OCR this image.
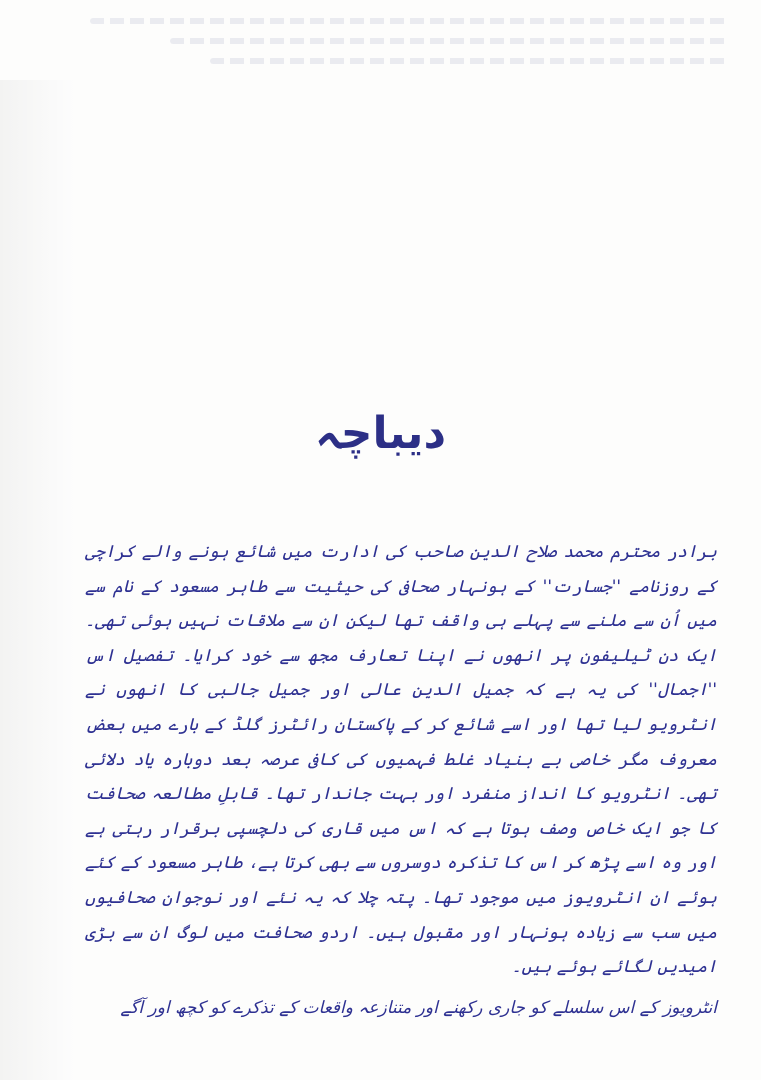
دیباچہ

برادر محترم محمد صلاح الدین صاحب کی ادارت میں شائع ہونے والے کراچی کے روزنامے ''جسارت'' کے ہونہار صحافی کی حیثیت سے طاہر مسعود کے نام سے میں اُن سے ملنے سے پہلے ہی واقف تھا لیکن ان سے ملاقات نہیں ہوئی تھی۔ ایک دن ٹیلیفون پر انھوں نے اپنا تعارف مجھ سے خود کرایا۔ تفصیل اس ''اجمال'' کی یہ ہے کہ جمیل الدین عالی اور جمیل جالبی کا انھوں نے انٹرویو لیا تھا اور اسے شائع کر کے پاکستان رائٹرز گلڈ کے بارے میں بعض معروف مگر خاصی بے بنیاد غلط فہمیوں کی کافی عرصہ بعد دوبارہ یاد دلائی تھی۔ انٹرویو کا انداز منفرد اور بہت جاندار تھا۔ قابلِ مطالعہ صحافت کا جو ایک خاص وصف ہوتا ہے کہ اس میں قاری کی دلچسپی برقرار رہتی ہے اور وہ اسے پڑھ کر اس کا تذکرہ دوسروں سے بھی کرتا ہے، طاہر مسعود کے کئے ہوئے ان انٹرویوز میں موجود تھا۔ پتہ چلا کہ یہ نئے اور نوجوان صحافیوں میں سب سے زیادہ ہونہار اور مقبول ہیں۔ اردو صحافت میں لوگ ان سے بڑی امیدیں لگائے ہوئے ہیں۔

انٹرویوز کے اس سلسلے کو جاری رکھنے اور متنازعہ واقعات کے تذکرے کو کچھ اور آگے
